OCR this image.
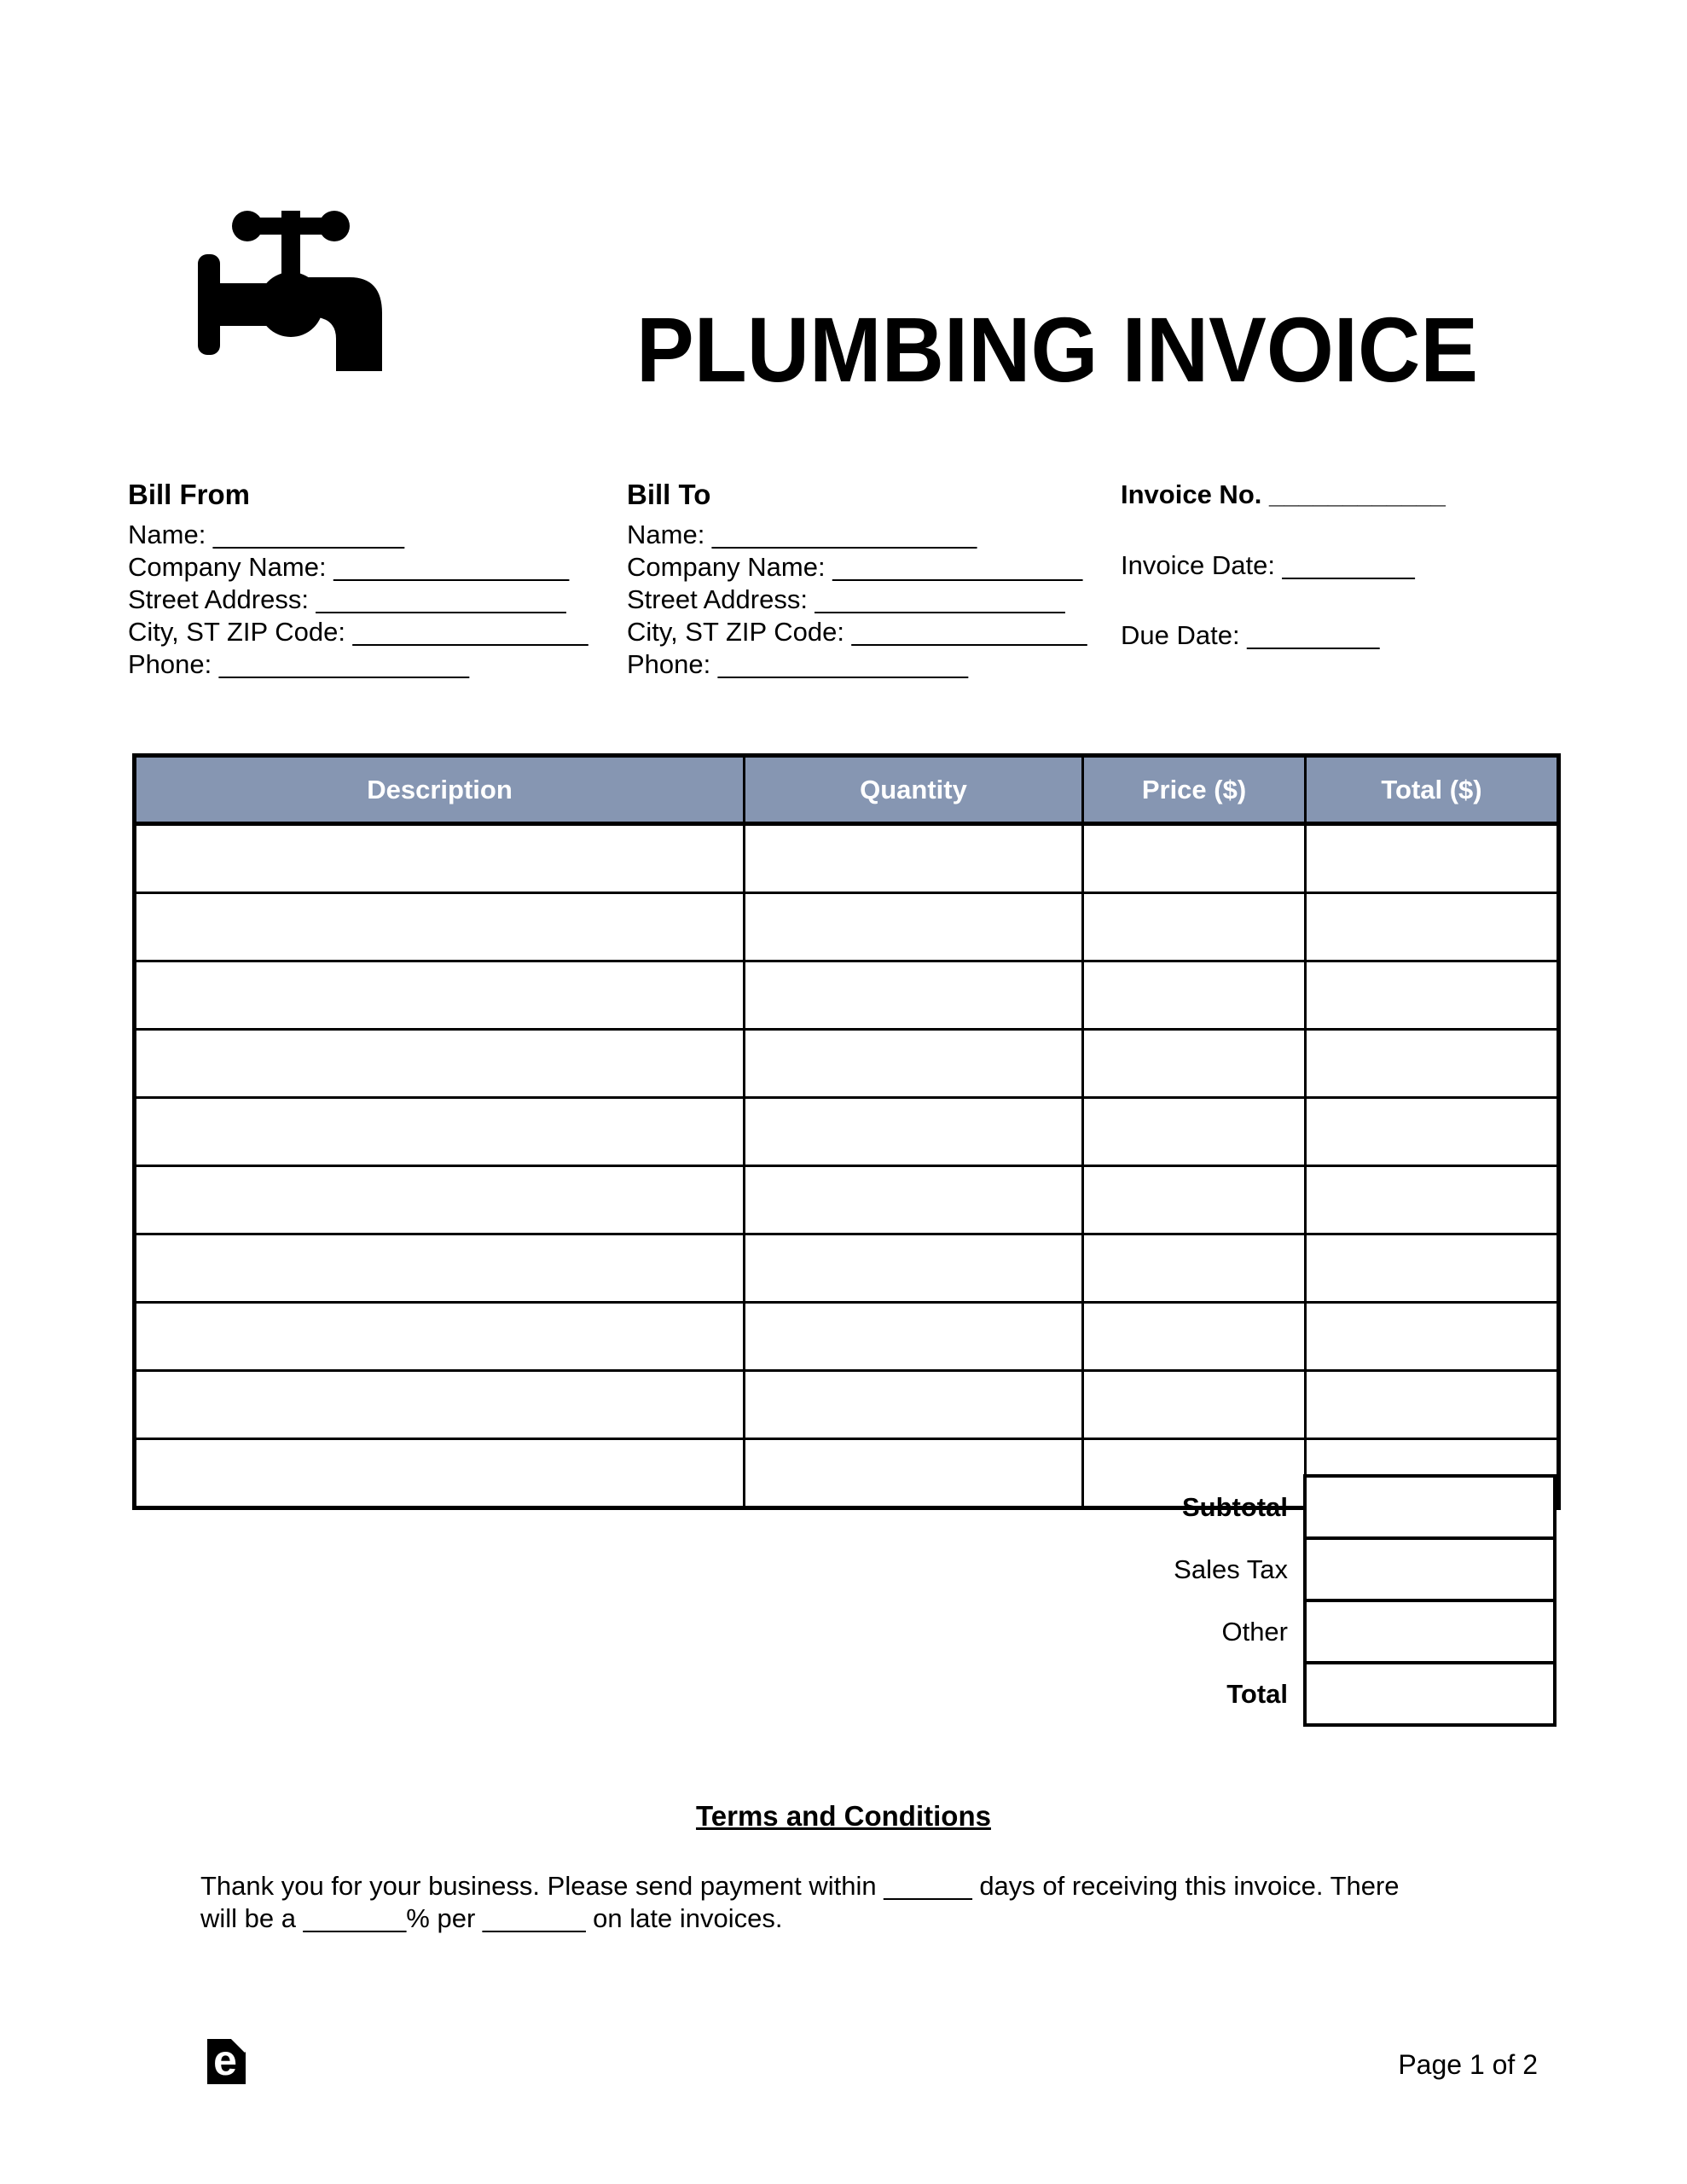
PLUMBING INVOICE
Bill From
Name: _____________
Company Name: ________________
Street Address: _________________
City, ST ZIP Code: ________________
Phone: _________________
Bill To
Name: __________________
Company Name: _________________
Street Address: _________________
City, ST ZIP Code: ________________
Phone: _________________
Invoice No. ____________
Invoice Date: _________
Due Date: _________
Description	Quantity	Price ($)	Total ($)

Subtotal
Sales Tax
Other
Total
Terms and Conditions
Thank you for your business. Please send payment within ______ days of receiving this invoice. There
will be a _______% per _______ on late invoices.
e	Page 1 of 2
